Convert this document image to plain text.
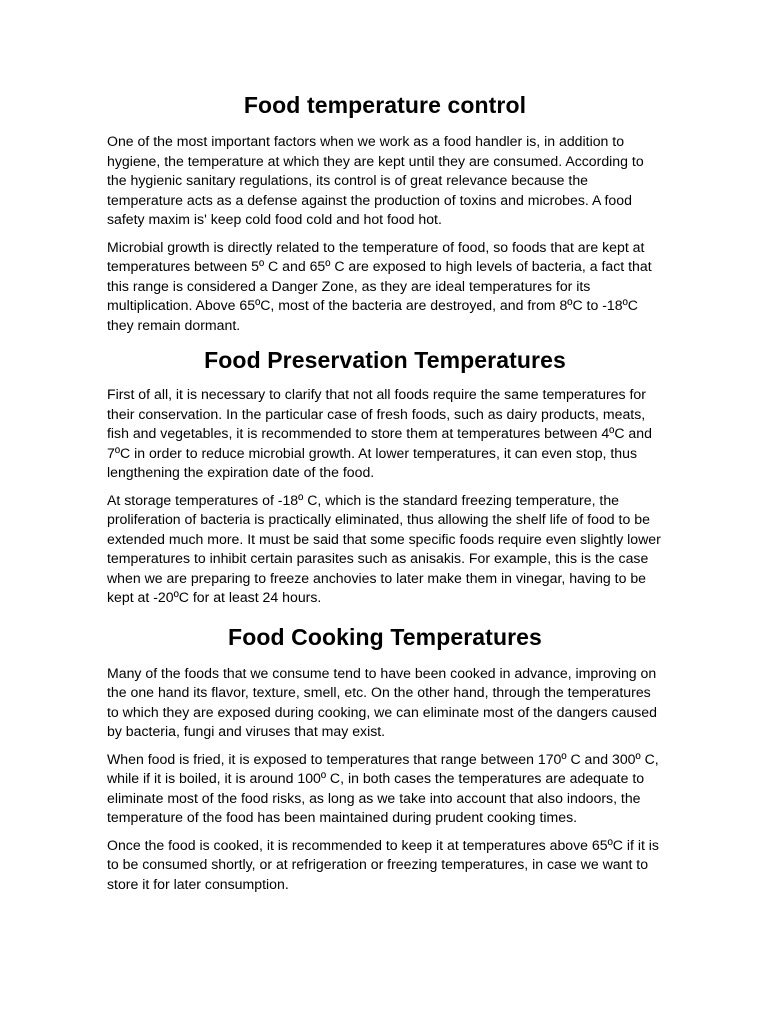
Food temperature control

One of the most important factors when we work as a food handler is, in addition to hygiene, the temperature at which they are kept until they are consumed. According to the hygienic sanitary regulations, its control is of great relevance because the temperature acts as a defense against the production of toxins and microbes. A food safety maxim is' keep cold food cold and hot food hot.

Microbial growth is directly related to the temperature of food, so foods that are kept at temperatures between 5º C and 65º C are exposed to high levels of bacteria, a fact that this range is considered a Danger Zone, as they are ideal temperatures for its multiplication. Above 65ºC, most of the bacteria are destroyed, and from 8ºC to -18ºC they remain dormant.

Food Preservation Temperatures

First of all, it is necessary to clarify that not all foods require the same temperatures for their conservation. In the particular case of fresh foods, such as dairy products, meats, fish and vegetables, it is recommended to store them at temperatures between 4ºC and 7ºC in order to reduce microbial growth. At lower temperatures, it can even stop, thus lengthening the expiration date of the food.

At storage temperatures of -18º C, which is the standard freezing temperature, the proliferation of bacteria is practically eliminated, thus allowing the shelf life of food to be extended much more. It must be said that some specific foods require even slightly lower temperatures to inhibit certain parasites such as anisakis. For example, this is the case when we are preparing to freeze anchovies to later make them in vinegar, having to be kept at -20ºC for at least 24 hours.

Food Cooking Temperatures

Many of the foods that we consume tend to have been cooked in advance, improving on the one hand its flavor, texture, smell, etc. On the other hand, through the temperatures to which they are exposed during cooking, we can eliminate most of the dangers caused by bacteria, fungi and viruses that may exist.

When food is fried, it is exposed to temperatures that range between 170º C and 300º C, while if it is boiled, it is around 100º C, in both cases the temperatures are adequate to eliminate most of the food risks, as long as we take into account that also indoors, the temperature of the food has been maintained during prudent cooking times.

Once the food is cooked, it is recommended to keep it at temperatures above 65ºC if it is to be consumed shortly, or at refrigeration or freezing temperatures, in case we want to store it for later consumption.
